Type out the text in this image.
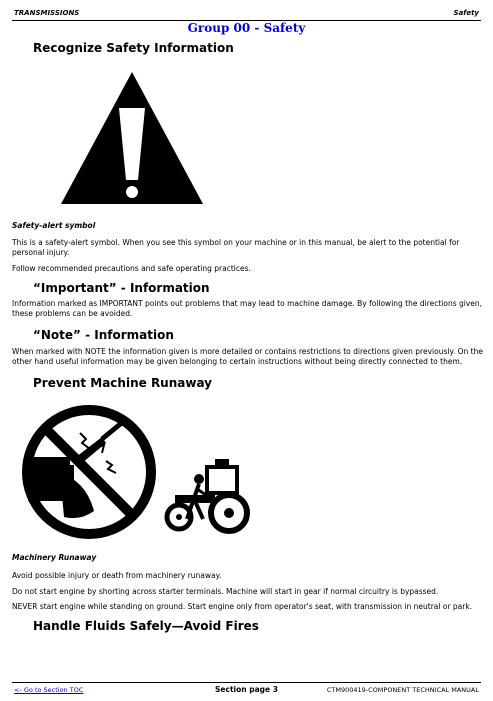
TRANSMISSIONS	Safety
Group 00 - Safety
Recognize Safety Information
Safety-alert symbol
This is a safety-alert symbol. When you see this symbol on your machine or in this manual, be alert to the potential for personal injury.
Follow recommended precautions and safe operating practices.
“Important” - Information
Information marked as IMPORTANT points out problems that may lead to machine damage. By following the directions given, these problems can be avoided.
“Note” - Information
When marked with NOTE the information given is more detailed or contains restrictions to directions given previously. On the other hand useful information may be given belonging to certain instructions without being directly connected to them.
Prevent Machine Runaway
Machinery Runaway
Avoid possible injury or death from machinery runaway.
Do not start engine by shorting across starter terminals. Machine will start in gear if normal circuitry is bypassed.
NEVER start engine while standing on ground. Start engine only from operator's seat, with transmission in neutral or park.
Handle Fluids Safely—Avoid Fires
<- Go to Section TOC	Section page 3	CTM900419-COMPONENT TECHNICAL MANUAL
